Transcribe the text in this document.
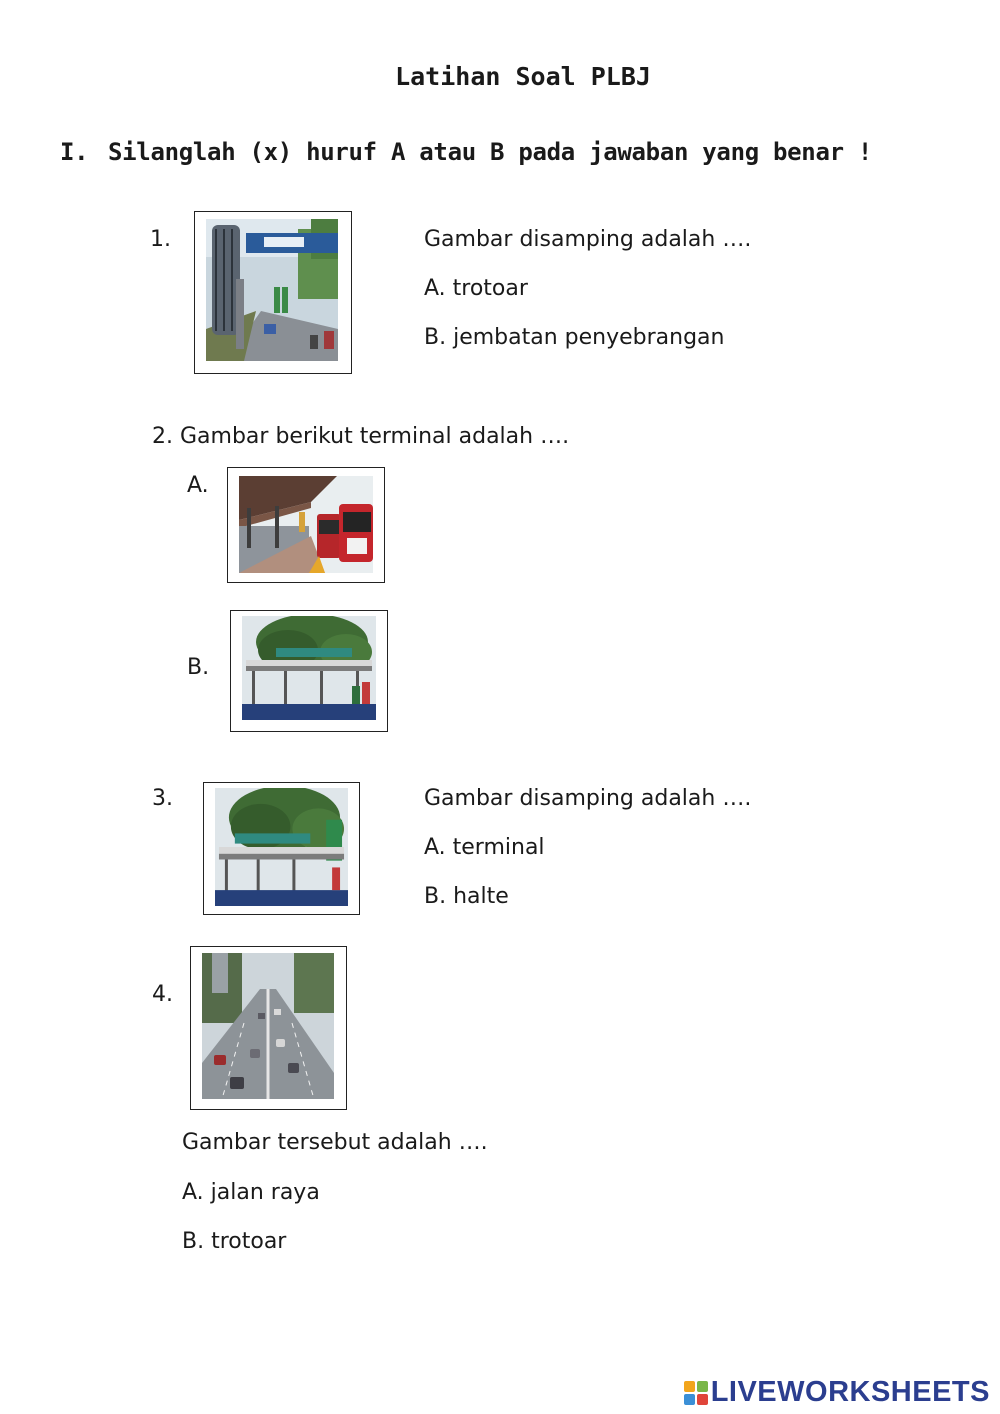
Latihan Soal PLBJ
I. Silanglah (x) huruf A atau B pada jawaban yang benar !
1.	Gambar disamping adalah ….
A. trotoar
B. jembatan penyebrangan
2. Gambar berikut terminal adalah ….
A.
B.
3.	Gambar disamping adalah ….
A. terminal
B. halte
4.
Gambar tersebut adalah ….
A. jalan raya
B. trotoar
LIVEWORKSHEETS
